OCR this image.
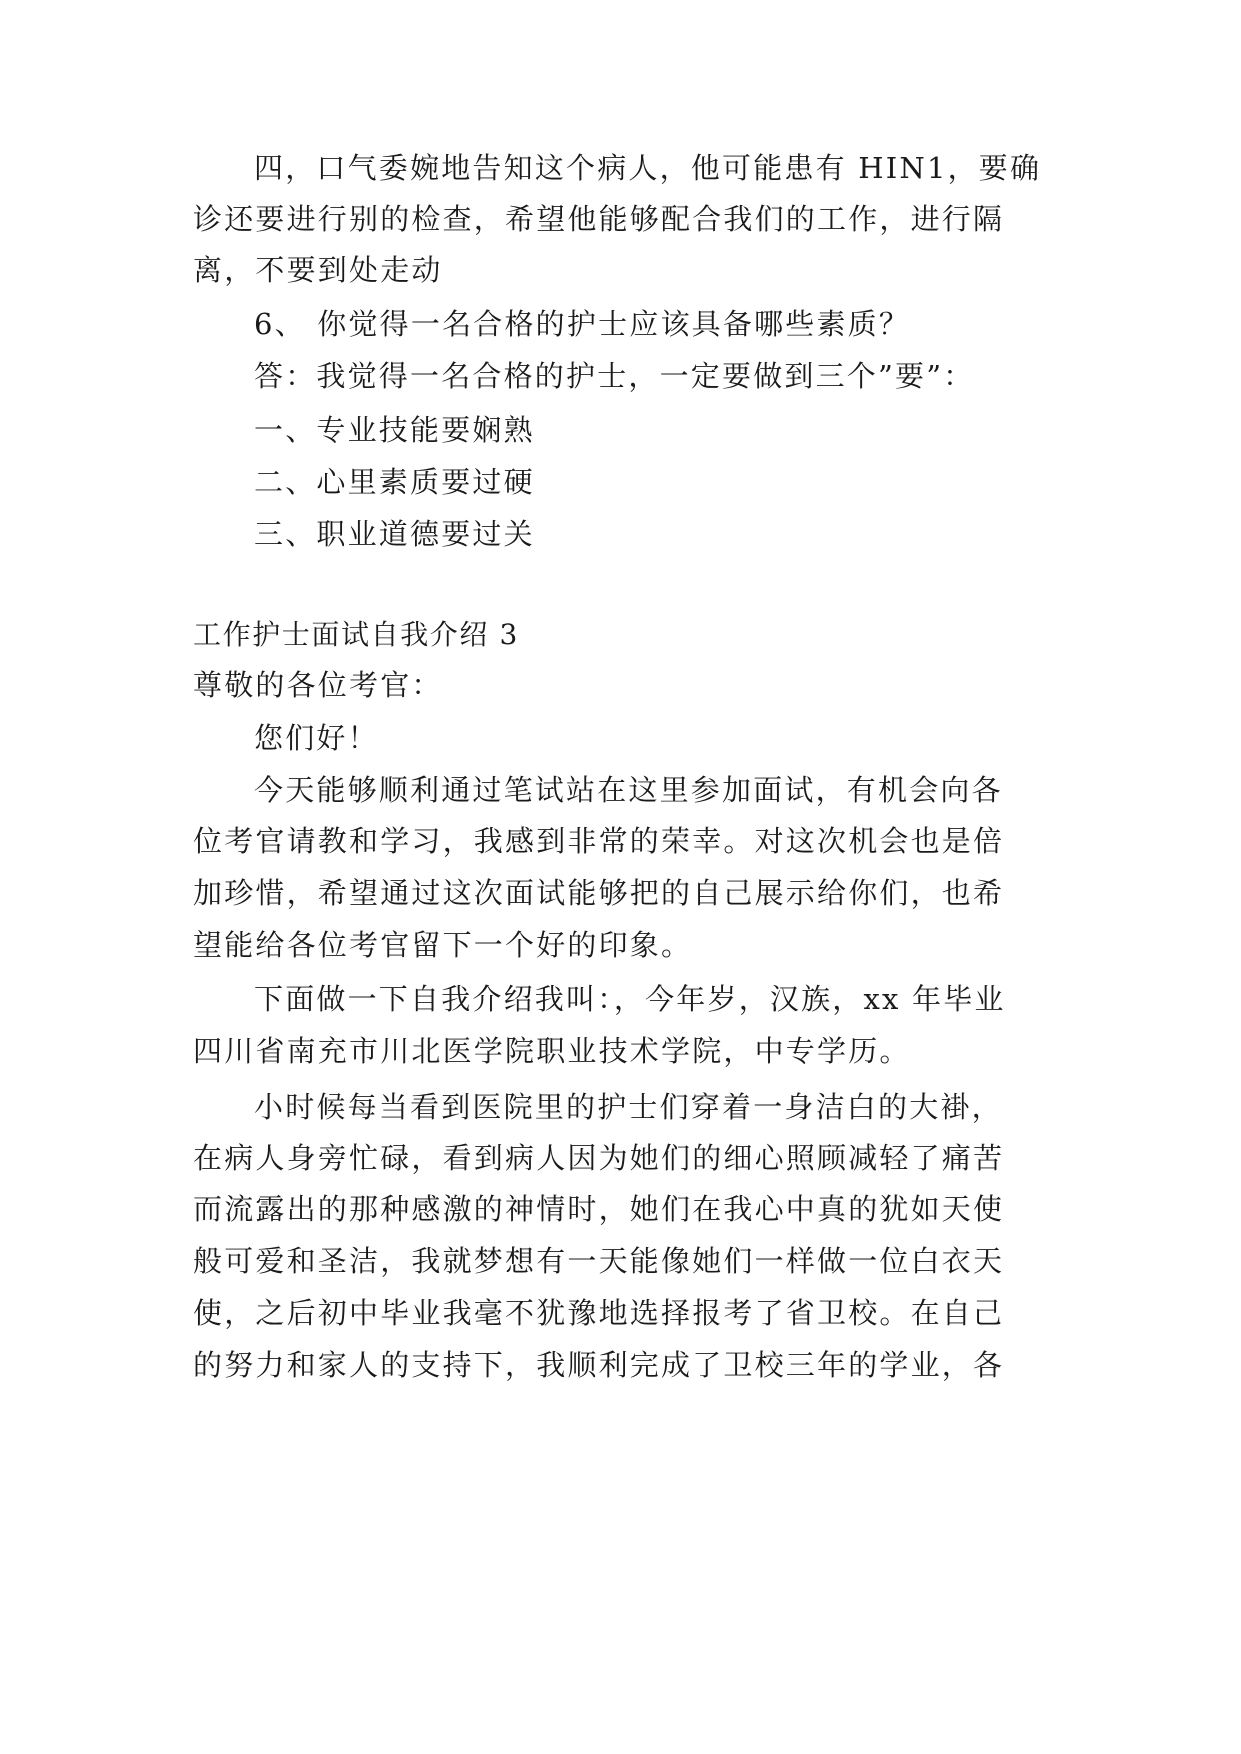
四，口气委婉地告知这个病人，他可能患有 HIN1，要确
诊还要进行别的检查，希望他能够配合我们的工作，进行隔
离，不要到处走动
6、 你觉得一名合格的护士应该具备哪些素质？
答：我觉得一名合格的护士，一定要做到三个”要”：
一、专业技能要娴熟
二、心里素质要过硬
三、职业道德要过关
工作护士面试自我介绍 3
尊敬的各位考官：
您们好！
今天能够顺利通过笔试站在这里参加面试，有机会向各
位考官请教和学习，我感到非常的荣幸。对这次机会也是倍
加珍惜，希望通过这次面试能够把的自己展示给你们，也希
望能给各位考官留下一个好的印象。
下面做一下自我介绍我叫：，今年岁，汉族，xx 年毕业
四川省南充市川北医学院职业技术学院，中专学历。
小时候每当看到医院里的护士们穿着一身洁白的大褂，
在病人身旁忙碌，看到病人因为她们的细心照顾减轻了痛苦
而流露出的那种感激的神情时，她们在我心中真的犹如天使
般可爱和圣洁，我就梦想有一天能像她们一样做一位白衣天
使，之后初中毕业我毫不犹豫地选择报考了省卫校。在自己
的努力和家人的支持下，我顺利完成了卫校三年的学业，各
